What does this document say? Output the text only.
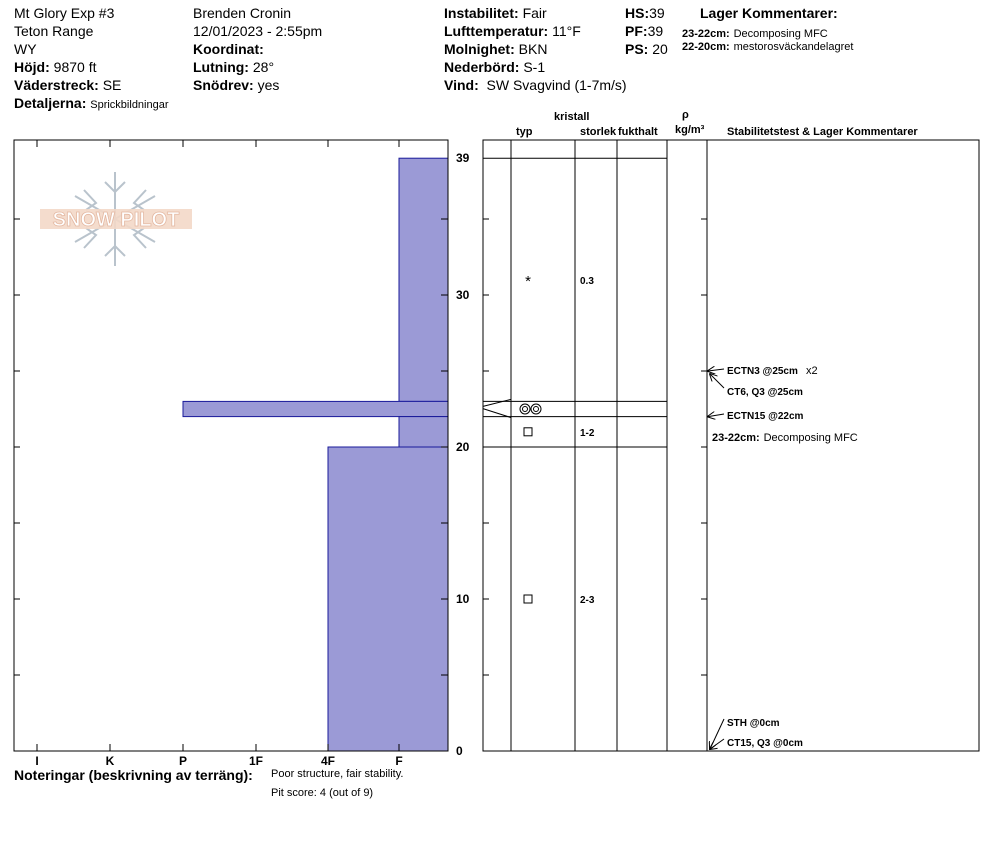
Mt Glory Exp #3
Teton Range
WY
Höjd: 9870 ft
Väderstreck: SE
Detaljerna: Sprickbildningar
Brenden Cronin
12/01/2023 - 2:55pm
Koordinat:
Lutning: 28°
Snödrev: yes
Instabilitet: Fair
Lufttemperatur: 11°F
Molnighet: BKN
Nederbörd: S-1
Vind: SW Svagvind (1-7m/s)
HS:39
PF:39
PS: 20
Lager Kommentarer:
23-22cm: Decomposing MFC
22-20cm: mestorosväckandelagret
kristall
typ	storlek fukthalt
ρ
kg/m³ Stabilitetstest & Lager Kommentarer
SNOW PILOT
I	K	P	1F	4F	F
0
10
20
30
39
*	0.3
1-2
2-3
ECTN3 @25cm x2
CT6, Q3 @25cm
ECTN15 @22cm
STH @0cm
CT15, Q3 @0cm
23-22cm: Decomposing MFC
Noteringar (beskrivning av terräng): Poor structure, fair stability.
Pit score: 4 (out of 9)
